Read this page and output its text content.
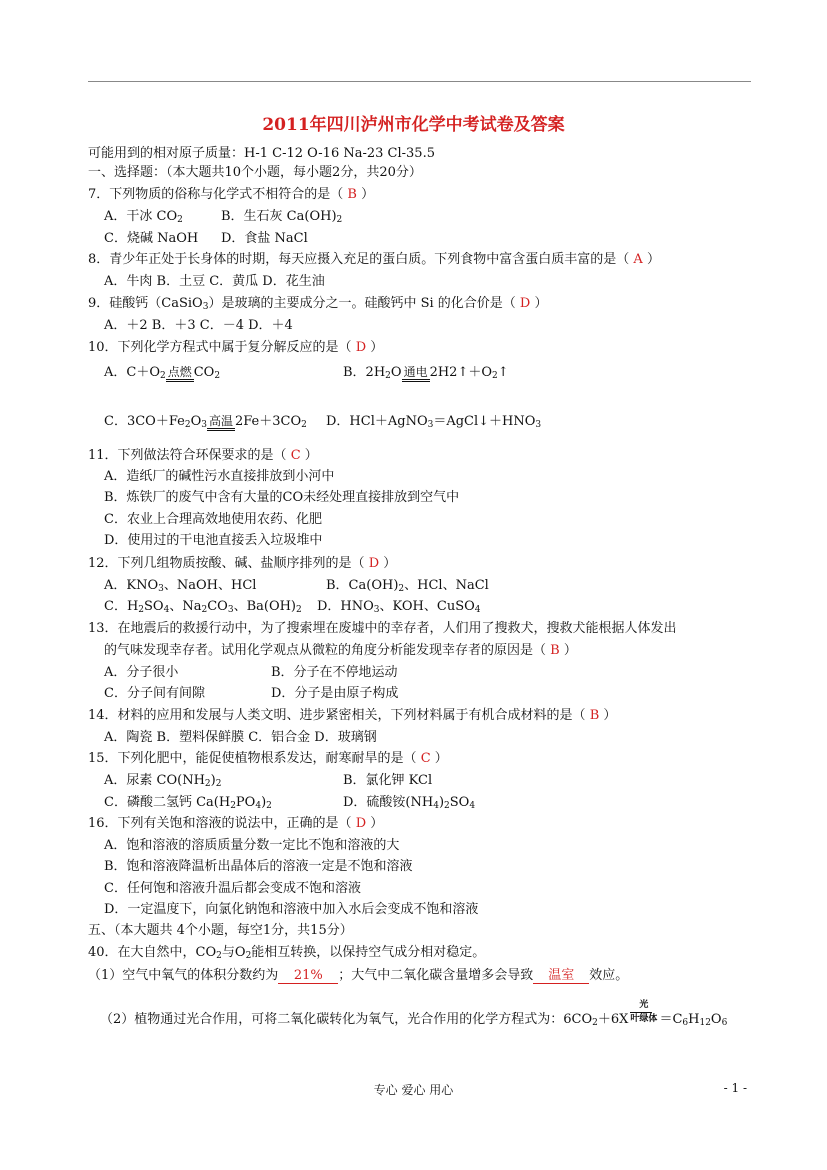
2011年四川泸州市化学中考试卷及答案
可能用到的相对原子质量：H-1 C-12 O-16 Na-23 Cl-35.5
一、选择题：（本大题共10个小题，每小题2分，共20分）
7．下列物质的俗称与化学式不相符合的是（ B ）
A．干冰 $CO_2$	B．生石灰 $Ca(OH)_2$
C．烧碱 NaOH D．食盐 NaCl
8．青少年正处于长身体的时期，每天应摄入充足的蛋白质。下列食物中富含蛋白质丰富的是（ A ）
A．牛肉 B．土豆 C．黄瓜 D．花生油
9．硅酸钙（CaSiO$_3$）是玻璃的主要成分之一。硅酸钙中 Si 的化合价是（ D ）
A．＋2 B．＋3 C．－4 D．＋4
10．下列化学方程式中属于复分解反应的是（ D ）
A．$C+O_2$ 点燃 $CO_2$	B．$2H_2O$ 通电 $2H2↑+O_2↑$
C．$3CO+Fe_2O_3$ 高温 $2Fe+3CO_2$ D．$HCl+AgNO_3=AgCl↓+HNO_3$
11．下列做法符合环保要求的是（ C ）
A．造纸厂的碱性污水直接排放到小河中
B．炼铁厂的废气中含有大量的CO未经处理直接排放到空气中
C．农业上合理高效地使用农药、化肥
D．使用过的干电池直接丢入垃圾堆中
12．下列几组物质按酸、碱、盐顺序排列的是（ D ）
A．$KNO_3$、NaOH、HCl	B．$Ca(OH)_2$、HCl、NaCl
C．$H_2SO_4$、$Na_2CO_3$、$Ba(OH)_2$ D．$HNO_3$、KOH、CuSO$_4$
13．在地震后的救援行动中，为了搜索埋在废墟中的幸存者，人们用了搜救犬，搜救犬能根据人体发出
的气味发现幸存者。试用化学观点从微粒的角度分析能发现幸存者的原因是（ B ）
A．分子很小	B．分子在不停地运动
C．分子间有间隙	D．分子是由原子构成
14．材料的应用和发展与人类文明、进步紧密相关，下列材料属于有机合成材料的是（ B ）
A．陶瓷 B．塑料保鲜膜 C．铝合金 D．玻璃钢
15．下列化肥中，能促使植物根系发达，耐寒耐旱的是（ C ）
A．尿素 $CO(NH_2)_2$	B．氯化钾 KCl
C．磷酸二氢钙 $Ca(H_2PO_4)_2$	D．硫酸铵$(NH_4)_2SO_4$
16．下列有关饱和溶液的说法中，正确的是（ D ）
A．饱和溶液的溶质质量分数一定比不饱和溶液的大
B．饱和溶液降温析出晶体后的溶液一定是不饱和溶液
C．任何饱和溶液升温后都会变成不饱和溶液
D．一定温度下，向氯化钠饱和溶液中加入水后会变成不饱和溶液
五、（本大题共 4个小题，每空1分，共15分）
40．在大自然中，$CO_2$与$O_2$能相互转换，以保持空气成分相对稳定。
（1）空气中氧气的体积分数约为 21% ；大气中二氧化碳含量增多会导致 温室 效应。
（2）植物通过光合作用，可将二氧化碳转化为氧气，光合作用的化学方程式为：$6CO_2+6X$
光
叶绿体 $=C_6H_{12}O_6$
专心 爱心 用心	- 1 -
